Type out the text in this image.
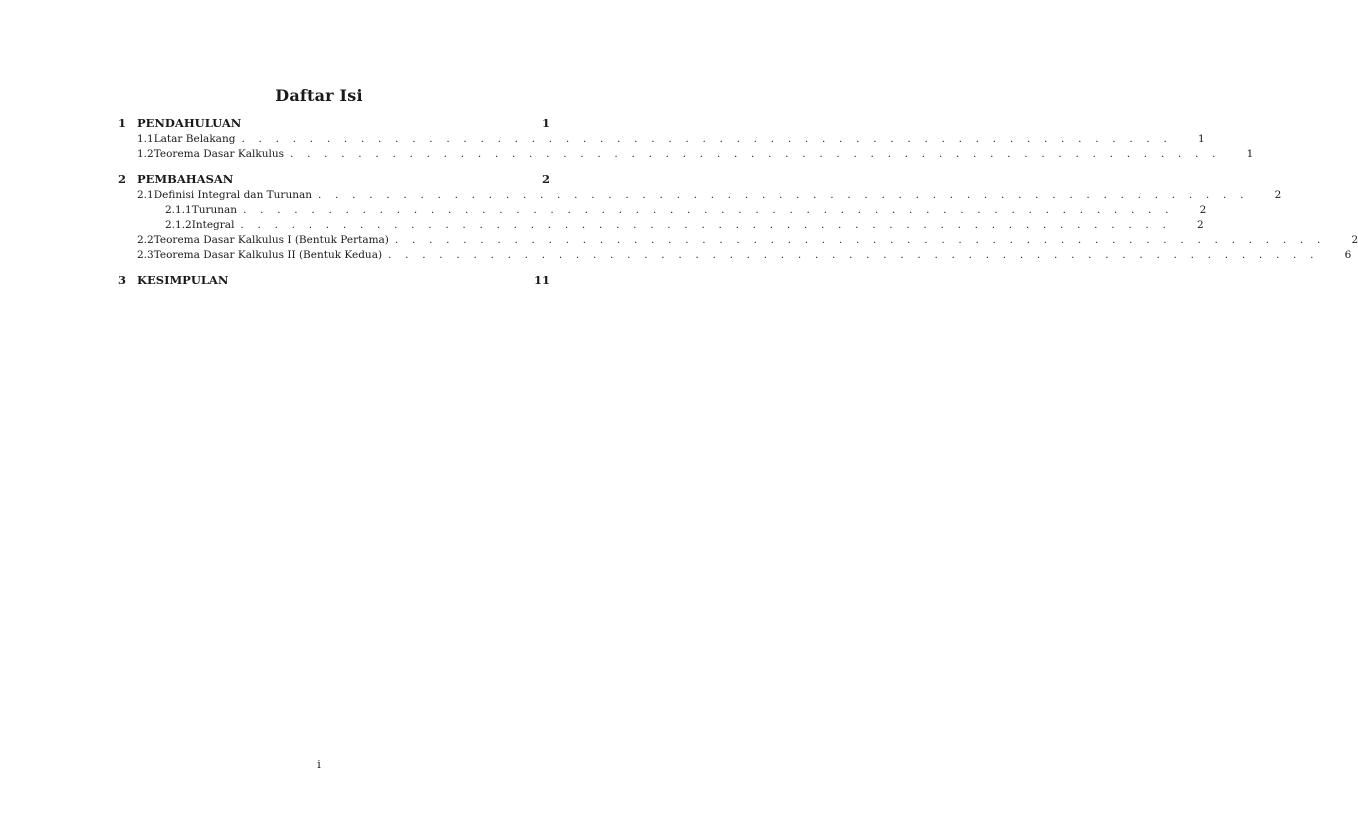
Daftar Isi
1 PENDAHULUAN	1
1.1 Latar Belakang . . . . . . . . . . . . . . . . . . . . . . . . . . . . . . . . . . . . . . . . . . . . . . . . . . . . . . .	1
1.2 Teorema Dasar Kalkulus . . . . . . . . . . . . . . . . . . . . . . . . . . . . . . . . . . . . . . . . . . . . . . . . . . . . . . .	1
2 PEMBAHASAN	2
2.1 Definisi Integral dan Turunan . . . . . . . . . . . . . . . . . . . . . . . . . . . . . . . . . . . . . . . . . . . . . . . . . . . . . . .	2
2.1.1 Turunan . . . . . . . . . . . . . . . . . . . . . . . . . . . . . . . . . . . . . . . . . . . . . . . . . . . . . . .	2
2.1.2 Integral . . . . . . . . . . . . . . . . . . . . . . . . . . . . . . . . . . . . . . . . . . . . . . . . . . . . . . .	2
2.2 Teorema Dasar Kalkulus I (Bentuk Pertama) . . . . . . . . . . . . . . . . . . . . . . . . . . . . . . . . . . . . . . . . . . . . . . . . . . . . . . .	2
2.3 Teorema Dasar Kalkulus II (Bentuk Kedua) . . . . . . . . . . . . . . . . . . . . . . . . . . . . . . . . . . . . . . . . . . . . . . . . . . . . . . .	6
3 KESIMPULAN	11
i
